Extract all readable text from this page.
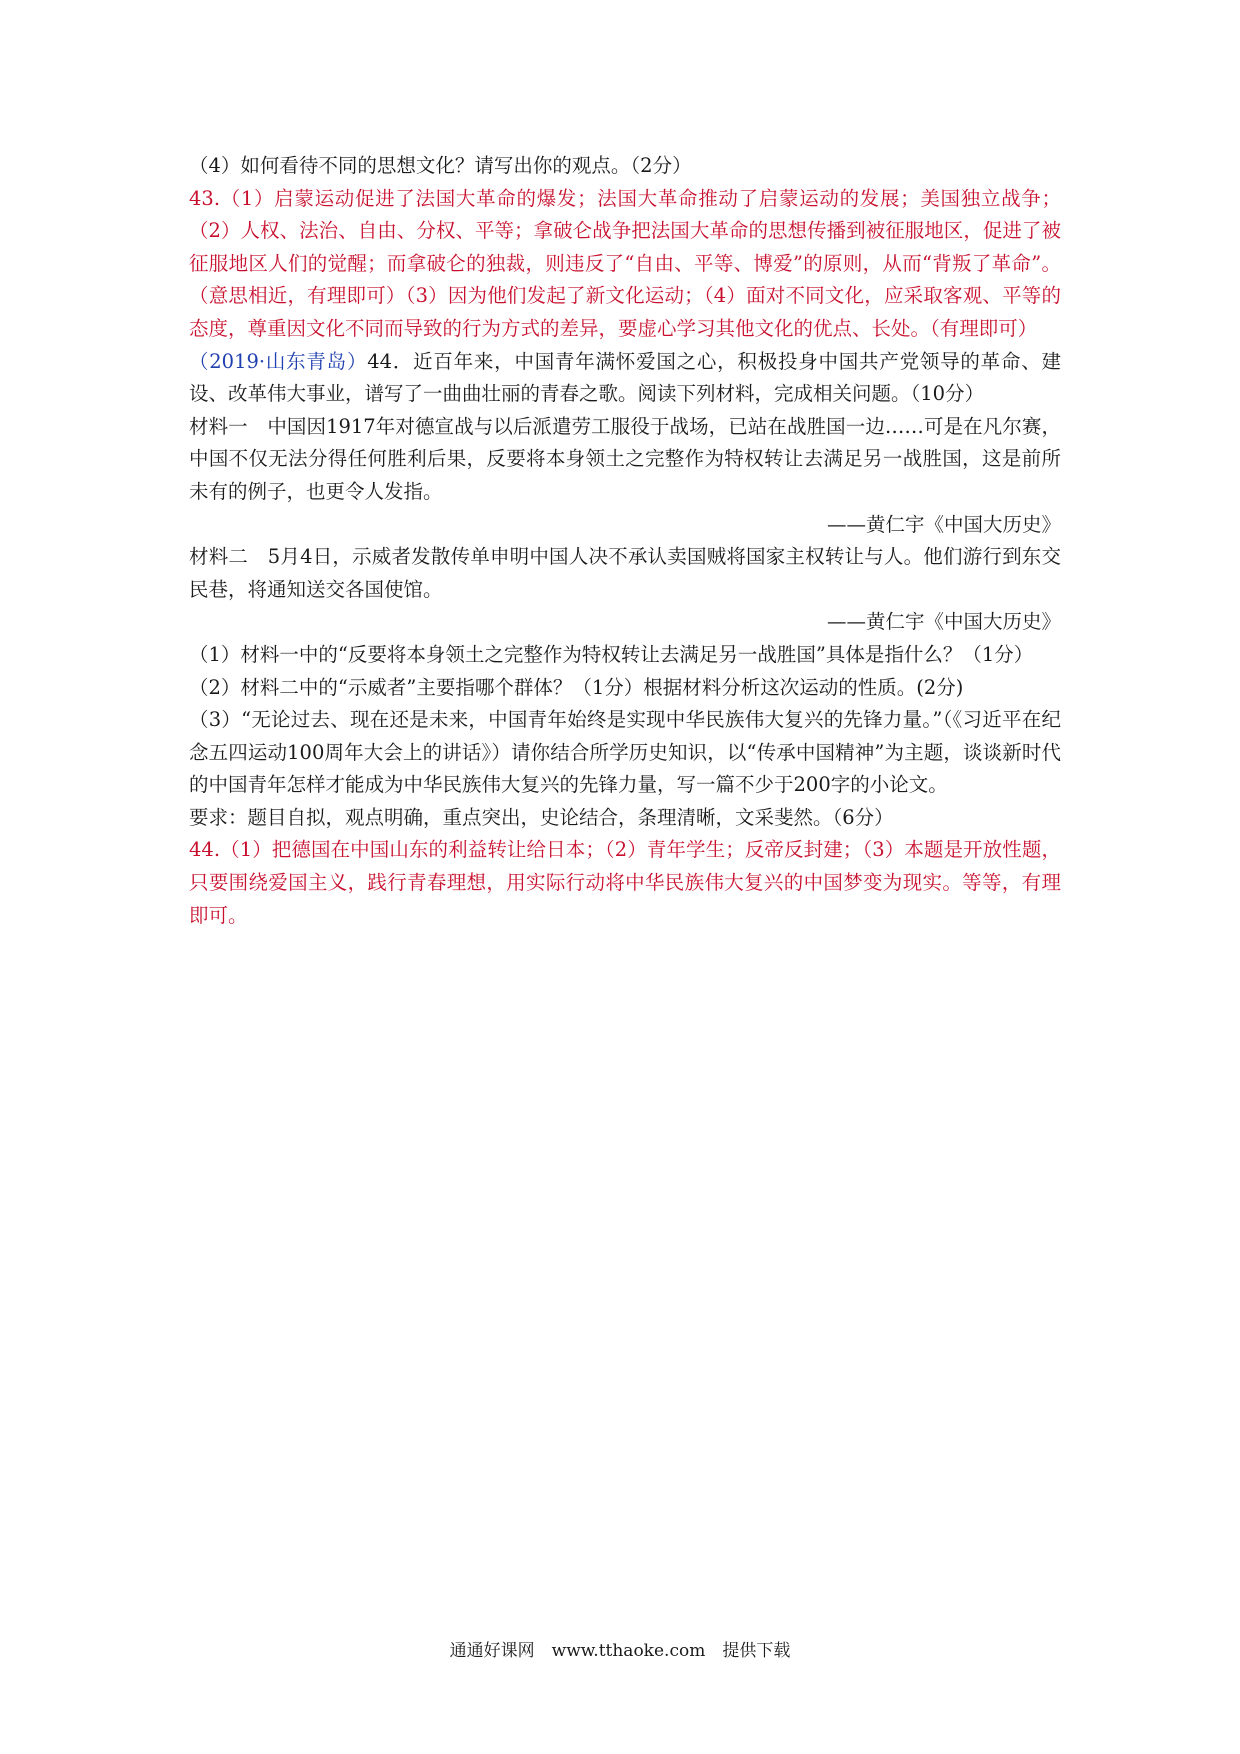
（4）如何看待不同的思想文化？请写出你的观点。（2分）

43.（1）启蒙运动促进了法国大革命的爆发；法国大革命推动了启蒙运动的发展；美国独立战争；（2）人权、法治、自由、分权、平等；拿破仑战争把法国大革命的思想传播到被征服地区，促进了被征服地区人们的觉醒；而拿破仑的独裁，则违反了“自由、平等、博爱”的原则，从而“背叛了革命”。（意思相近，有理即可）（3）因为他们发起了新文化运动；（4）面对不同文化，应采取客观、平等的态度，尊重因文化不同而导致的行为方式的差异，要虚心学习其他文化的优点、长处。（有理即可）

（2019·山东青岛）44．近百年来，中国青年满怀爱国之心，积极投身中国共产党领导的革命、建设、改革伟大事业，谱写了一曲曲壮丽的青春之歌。阅读下列材料，完成相关问题。（10分）

材料一　中国因1917年对德宣战与以后派遣劳工服役于战场，已站在战胜国一边……可是在凡尔赛，中国不仅无法分得任何胜利后果，反要将本身领土之完整作为特权转让去满足另一战胜国，这是前所未有的例子，也更令人发指。

——黄仁宇《中国大历史》

材料二　5月4日，示威者发散传单申明中国人决不承认卖国贼将国家主权转让与人。他们游行到东交民巷，将通知送交各国使馆。

——黄仁宇《中国大历史》

（1）材料一中的“反要将本身领土之完整作为特权转让去满足另一战胜国”具体是指什么？（1分）

（2）材料二中的“示威者”主要指哪个群体？（1分）根据材料分析这次运动的性质。(2分)

（3）“无论过去、现在还是未来，中国青年始终是实现中华民族伟大复兴的先锋力量。”（《习近平在纪念五四运动100周年大会上的讲话》）请你结合所学历史知识，以“传承中国精神”为主题，谈谈新时代的中国青年怎样才能成为中华民族伟大复兴的先锋力量，写一篇不少于200字的小论文。

要求：题目自拟，观点明确，重点突出，史论结合，条理清晰，文采斐然。（6分）

44.（1）把德国在中国山东的利益转让给日本；（2）青年学生；反帝反封建；（3）本题是开放性题，只要围绕爱国主义，践行青春理想，用实际行动将中华民族伟大复兴的中国梦变为现实。等等，有理即可。

通通好课网　www.tthaoke.com　提供下载
